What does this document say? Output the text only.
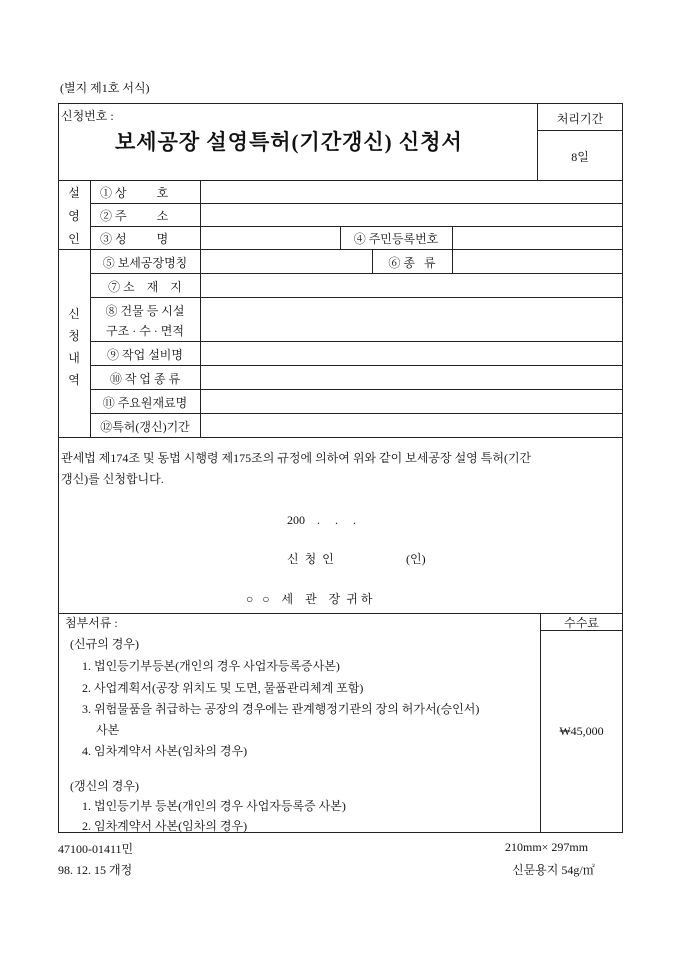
(별지 제1호 서식)
신청번호 :
보세공장 설영특허(기간갱신) 신청서
처리기간
8일
설
영
인
① 상          호
② 주          소
③ 성          명	④ 주민등록번호
신
청
내
역
⑤ 보세공장명칭	⑥ 종   류
⑦ 소    재    지
⑧ 건물 등 시설
구조 · 수 · 면적
⑨ 작업 설비명
⑩ 작 업 종 류
⑪ 주요원재료명
⑫특허(갱신)기간
관세법 제174조 및 동법 시행령 제175조의 규정에 의하여 위와 같이 보세공장 설영 특허(기간
갱신)를 신청합니다.
200    .     .     .
신  청  인	(인)
○   ○    세    관    장  귀 하
첨부서류 :	수수료
₩45,000
(신규의 경우)
1. 법인등기부등본(개인의 경우 사업자등록증사본)
2. 사업계획서(공장 위치도 및 도면, 물품관리체계 포함)
3. 위험물품을 취급하는 공장의 경우에는 관계행정기관의 장의 허가서(승인서)
사본
4. 임차계약서 사본(임차의 경우)
(갱신의 경우)
1. 법인등기부 등본(개인의 경우 사업자등록증 사본)
2. 임차계약서 사본(임차의 경우)
47100-01411민
98. 12. 15 개정
210mm× 297mm
신문용지 54g/㎡
